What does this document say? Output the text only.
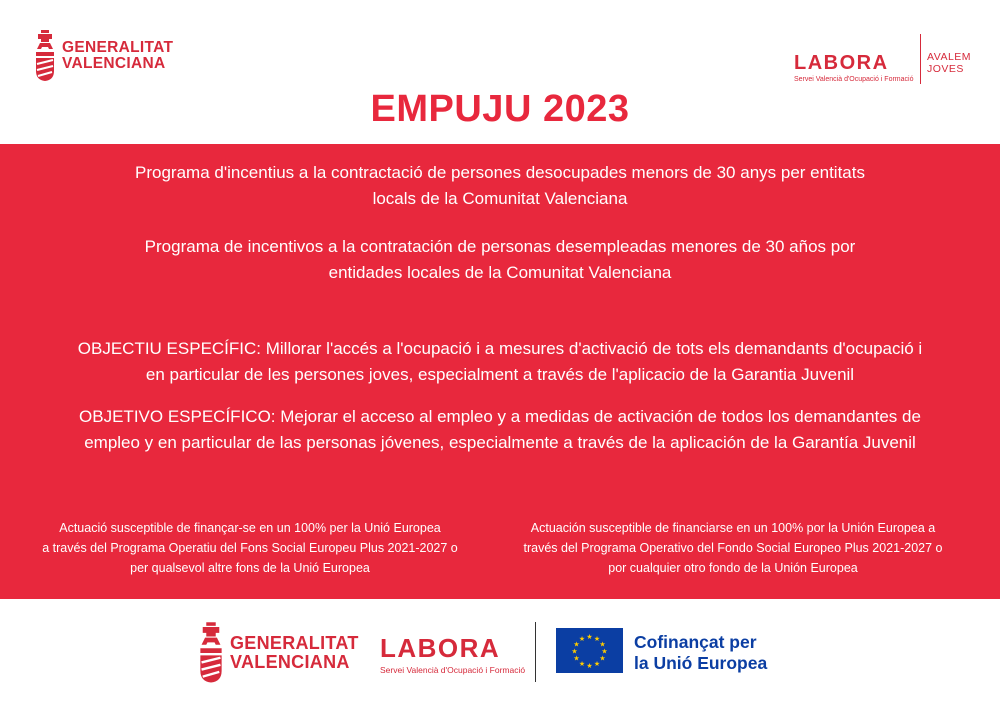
GENERALITAT
VALENCIANA	LABORA
Servei Valencià d'Ocupació i Formació
AVALEM
JOVES
EMPUJU 2023
Programa d'incentius a la contractació de persones desocupades menors de 30 anys per entitats
locals de la Comunitat Valenciana
Programa de incentivos a la contratación de personas desempleadas menores de 30 años por
entidades locales de la Comunitat Valenciana
OBJECTIU ESPECÍFIC: Millorar l'accés a l'ocupació i a mesures d'activació de tots els demandants d'ocupació i
en particular de les persones joves, especialment a través de l'aplicacio de la Garantia Juvenil
OBJETIVO ESPECÍFICO: Mejorar el acceso al empleo y a medidas de activación de todos los demandantes de
empleo y en particular de las personas jóvenes, especialmente a través de la aplicación de la Garantía Juvenil
Actuació susceptible de finançar-se en un 100% per la Unió Europea
a través del Programa Operatiu del Fons Social Europeu Plus 2021-2027 o
per qualsevol altre fons de la Unió Europea
Actuación susceptible de financiarse en un 100% por la Unión Europea a
través del Programa Operativo del Fondo Social Europeo Plus 2021-2027 o
por cualquier otro fondo de la Unión Europea
GENERALITAT
VALENCIANA	LABORA
Servei Valencià d'Ocupació i Formació
★ ★
★
★
★
★
★
★
★
★
★
★	Cofinançat per
la Unió Europea
